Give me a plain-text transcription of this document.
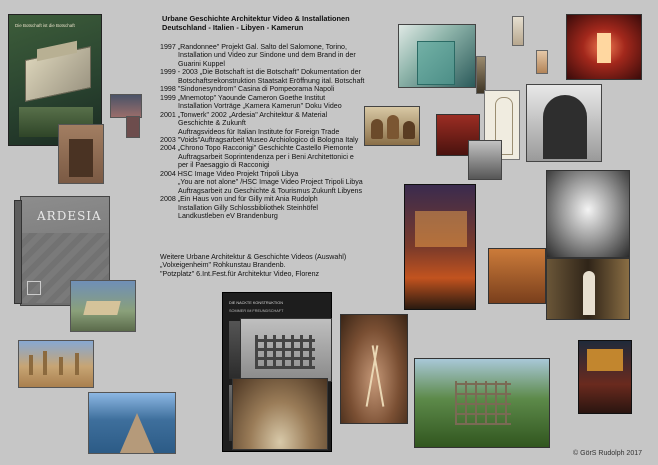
Urbane Geschichte Architektur Video & Installationen
Deutschland - Italien - Libyen - Kamerun
1997 „Randonnee" Projekt Gal. Salto del Salomone, Torino,
Installation und Video zur Sindone und dem Brand in der
Guarini Kuppel
1999 - 2003 „Die Botschaft ist die Botschaft" Dokumentation der
Botschaftsrekonstruktion Staatsakt Eröffnung ital. Botschaft
1998 "Sindonesyndrom" Casina di Pompeorama Napoli
1999 „Mnemotop" Yaounde Cameron Goethe Institut
Installation Vorträge „Kamera Kamerun" Doku Video
2001 „Tonwerk" 2002 „Ardesia" Architektur & Material
Geschichte & Zukunft
Auftragsvideos für Italian Institute for Foreign Trade
2003 "Voids"Auftragsarbeit Museo Archiologico di Bologna Italy
2004 „Chrono Topo Racconigi" Geschichte Castello Piemonte
Auftragsarbeit Soprintendenza per i Beni Architettonici e
per il Paesaggio di Racconigi
2004 HSC Image Video Projekt Tripoli Libya
„You are not alone" /HSC Image Video Project Tripoli Libya
Auftragsarbeit zu Geschichte & Tourismus Zukunft Libyens
2008 „Ein Haus von und für Gilly mit Ania Rudolph
Installation Gilly Schlossbibliothek Steinhöfel
Landkustleben eV Brandenburg
Weitere Urbane Architektur & Geschichte Videos (Auswahl)
„Volxeigenheim" Rohkunstau Brandenb.
"Potzplatz" 6.Int.Fest.für Architektur Video, Florenz
Die Botschaft ist die Botschaft
ARDESIA
DIE NACKTE KONSTRUKTION
SOMMER IM FREUNDSCHAFT
© GörS Rudolph 2017
